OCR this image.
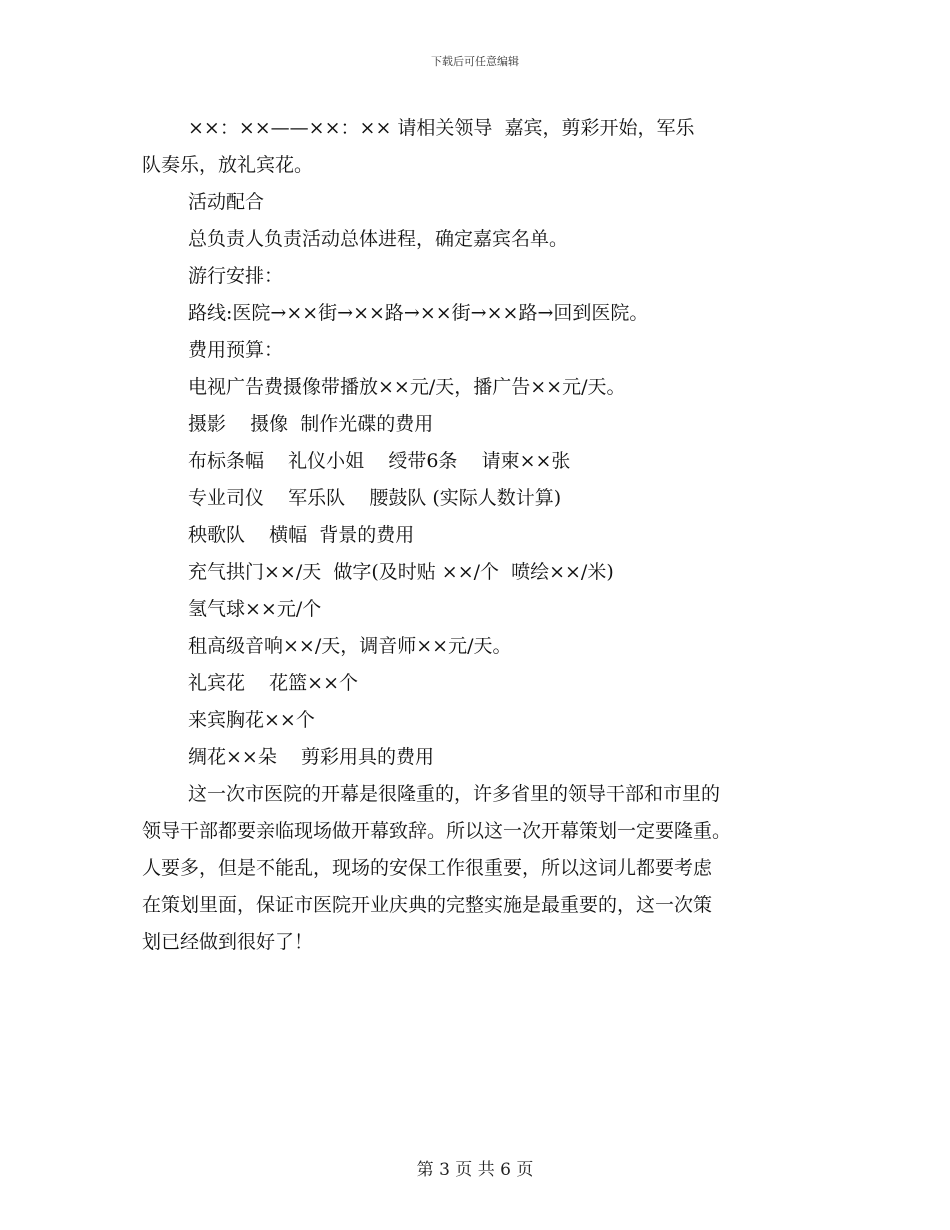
下载后可任意编辑
××：××——××：×× 请相关领导  嘉宾，剪彩开始，军乐
队奏乐，放礼宾花。
活动配合
总负责人负责活动总体进程，确定嘉宾名单。
游行安排：
路线:医院→××街→××路→××街→××路→回到医院。
费用预算：
电视广告费摄像带播放××元/天，播广告××元/天。
摄影    摄像  制作光碟的费用
布标条幅    礼仪小姐    绶带6条    请柬××张
专业司仪    军乐队    腰鼓队 (实际人数计算)
秧歌队    横幅  背景的费用
充气拱门××/天  做字(及时贴 ××/个  喷绘××/米)
氢气球××元/个
租高级音响××/天，调音师××元/天。
礼宾花    花篮××个
来宾胸花××个
绸花××朵    剪彩用具的费用
这一次市医院的开幕是很隆重的，许多省里的领导干部和市里的
领导干部都要亲临现场做开幕致辞。所以这一次开幕策划一定要隆重。
人要多，但是不能乱，现场的安保工作很重要，所以这词儿都要考虑
在策划里面，保证市医院开业庆典的完整实施是最重要的，这一次策
划已经做到很好了！
第 3 页 共 6 页
